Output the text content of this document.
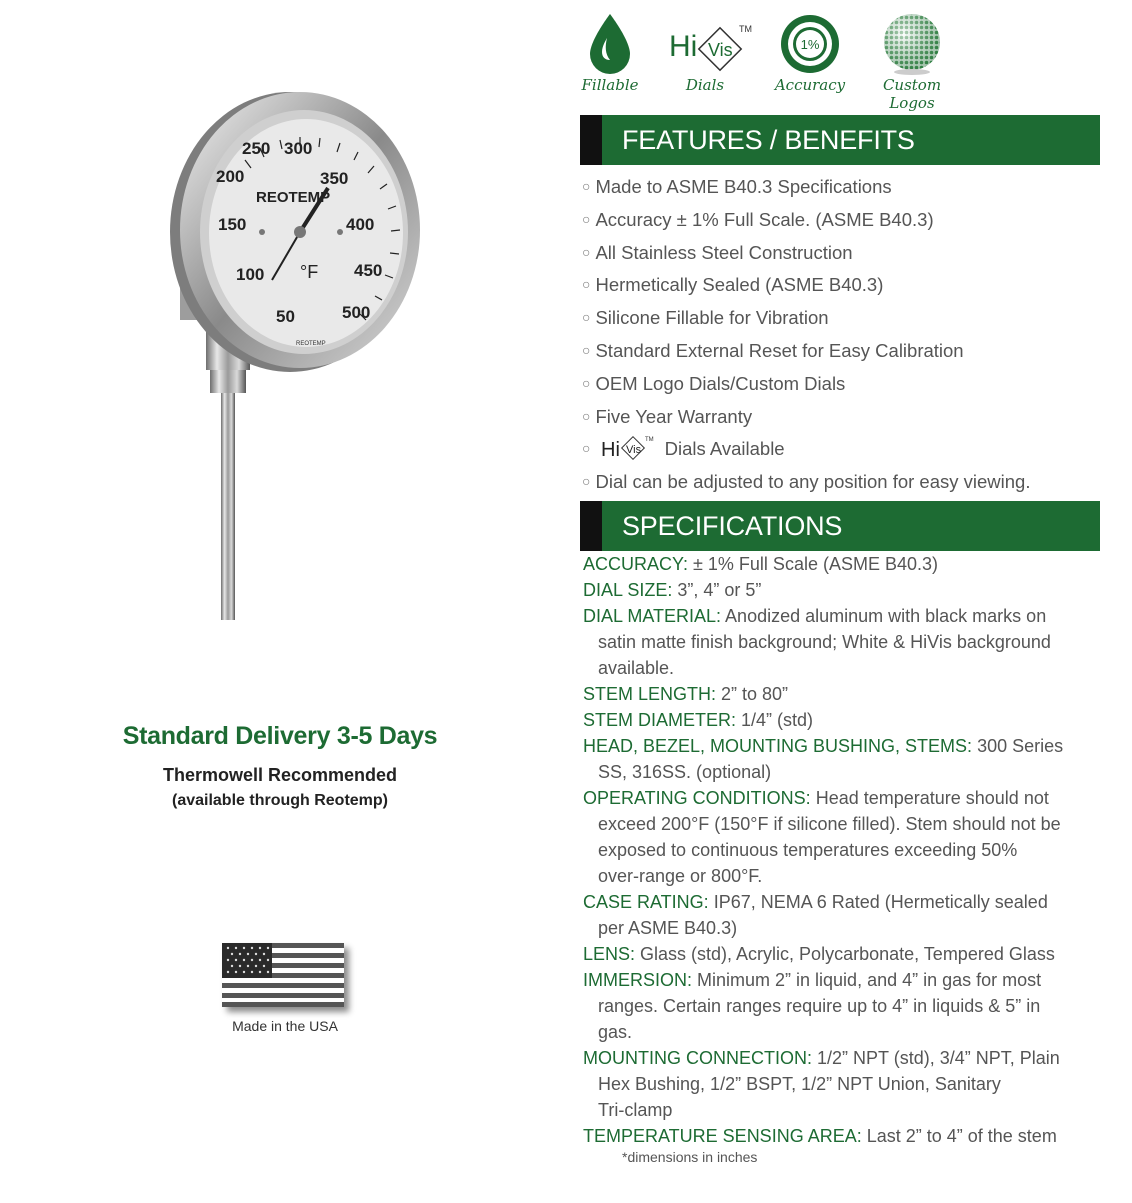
Fillable
Hi Vis
TM
Dials
1%
Accuracy	Custom Logos
50
100
150
200
250 300
350
400
450
500
REOTEMP
°F
REOTEMP
Standard Delivery 3-5 Days
Thermowell Recommended
(available through Reotemp)
Made in the USA
FEATURES / BENEFITS
○ Made to ASME B40.3 Specifications
○ Accuracy ± 1% Full Scale. (ASME B40.3)
○ All Stainless Steel Construction
○ Hermetically Sealed (ASME B40.3)
○ Silicone Fillable for Vibration
○ Standard External Reset for Easy Calibration
○ OEM Logo Dials/Custom Dials
○ Five Year Warranty
○ Hi Vis
TM Dials Available
○ Dial can be adjusted to any position for easy viewing.
SPECIFICATIONS
ACCURACY: ± 1% Full Scale (ASME B40.3)
DIAL SIZE: 3”, 4” or 5”
DIAL MATERIAL: Anodized aluminum with black marks on
satin matte finish background; White & HiVis background
available.
STEM LENGTH: 2” to 80”
STEM DIAMETER: 1/4” (std)
HEAD, BEZEL, MOUNTING BUSHING, STEMS: 300 Series
SS, 316SS. (optional)
OPERATING CONDITIONS: Head temperature should not
exceed 200°F (150°F if silicone filled). Stem should not be
exposed to continuous temperatures exceeding 50%
over-range or 800°F.
CASE RATING: IP67, NEMA 6 Rated (Hermetically sealed
per ASME B40.3)
LENS: Glass (std), Acrylic, Polycarbonate, Tempered Glass
IMMERSION: Minimum 2” in liquid, and 4” in gas for most
ranges. Certain ranges require up to 4” in liquids & 5” in
gas.
MOUNTING CONNECTION: 1/2” NPT (std), 3/4” NPT, Plain
Hex Bushing, 1/2” BSPT, 1/2” NPT Union, Sanitary
Tri-clamp
TEMPERATURE SENSING AREA: Last 2” to 4” of the stem
*dimensions in inches
